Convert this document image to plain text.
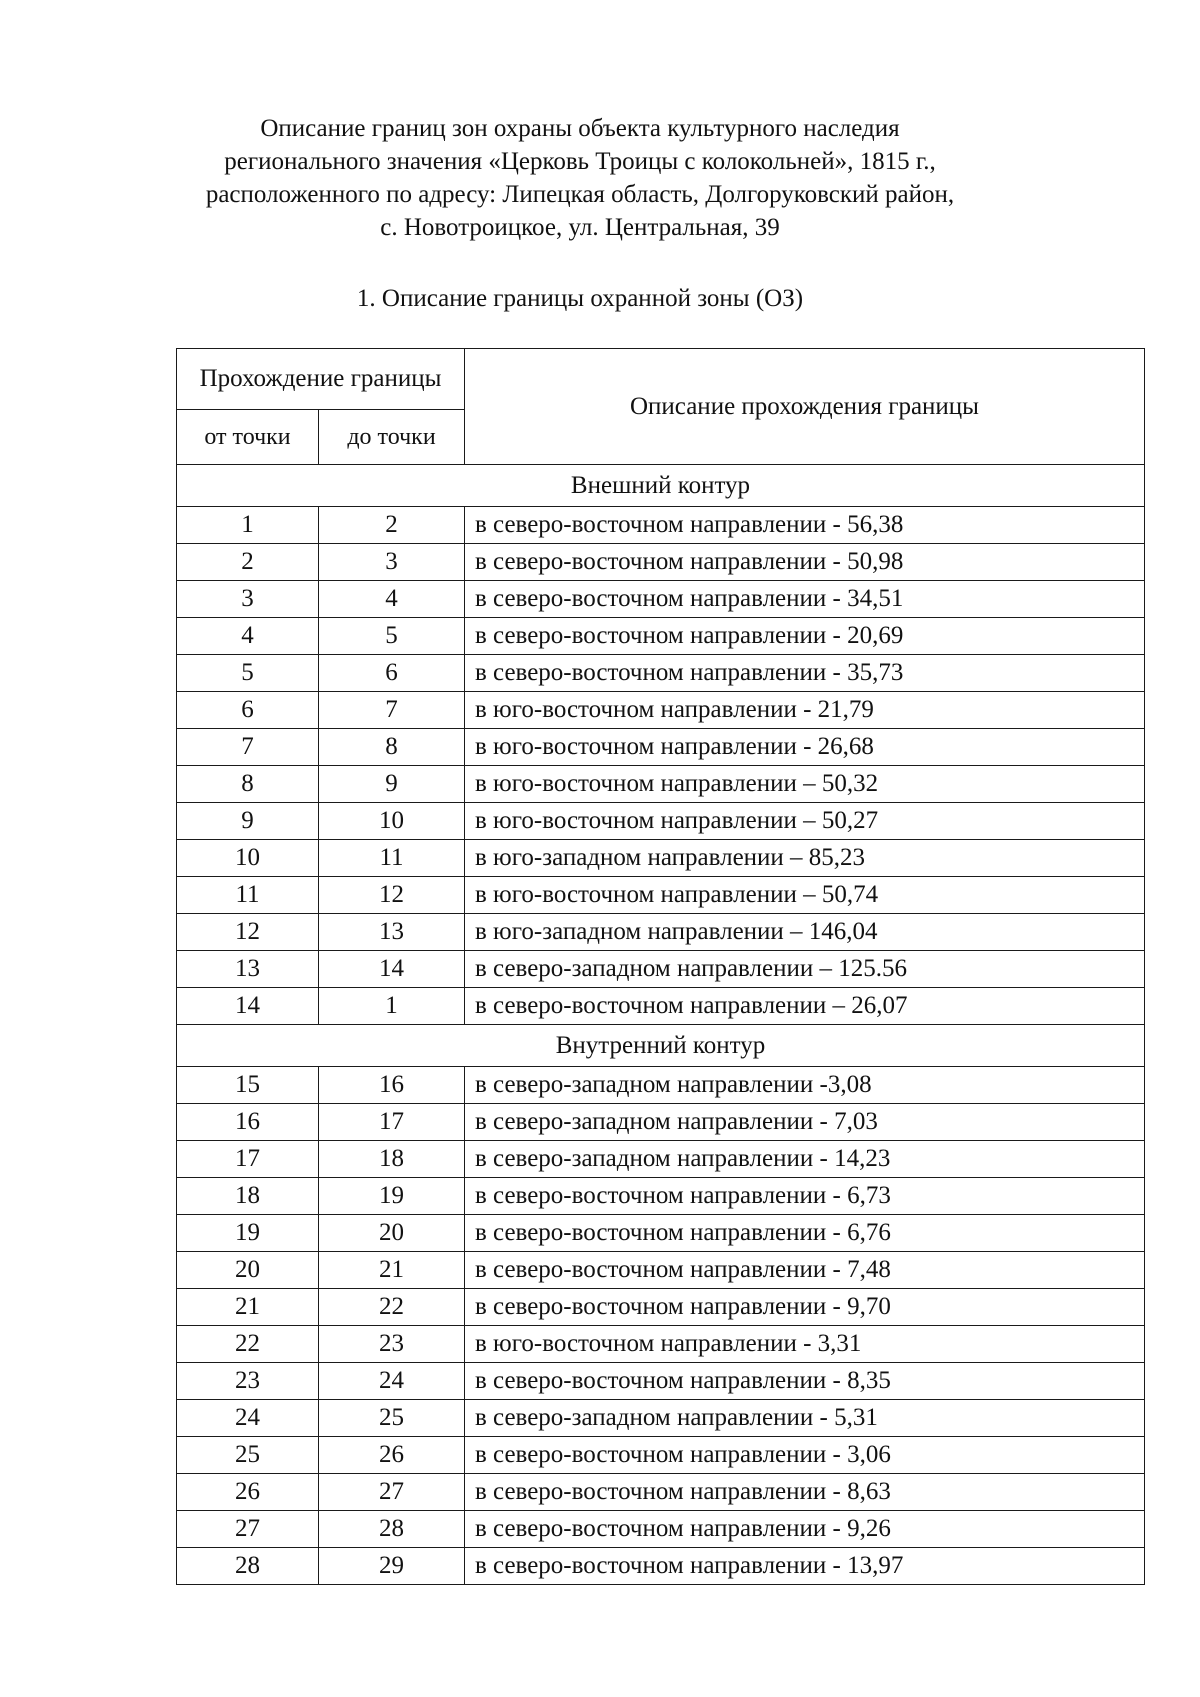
Описание границ зон охраны объекта культурного наследия
регионального значения «Церковь Троицы с колокольней», 1815 г.,
расположенного по адресу: Липецкая область, Долгоруковский район,
с. Новотроицкое, ул. Центральная, 39
1. Описание границы охранной зоны (ОЗ)
Прохождение границы		Описание прохождения границы
от точки	до точки	
Внешний контур		
1	2	в северо-восточном направлении - 56,38
2	3	в северо-восточном направлении - 50,98
3	4	в северо-восточном направлении - 34,51
4	5	в северо-восточном направлении - 20,69
5	6	в северо-восточном направлении - 35,73
6	7	в юго-восточном направлении - 21,79
7	8	в юго-восточном направлении - 26,68
8	9	в юго-восточном направлении – 50,32
9	10	в юго-восточном направлении – 50,27
10	11	в юго-западном направлении – 85,23
11	12	в юго-восточном направлении – 50,74
12	13	в юго-западном направлении – 146,04
13	14	в северо-западном направлении – 125.56
14	1	в северо-восточном направлении – 26,07
Внутренний контур		
15	16	в северо-западном направлении -3,08
16	17	в северо-западном направлении - 7,03
17	18	в северо-западном направлении - 14,23
18	19	в северо-восточном направлении - 6,73
19	20	в северо-восточном направлении - 6,76
20	21	в северо-восточном направлении - 7,48
21	22	в северо-восточном направлении - 9,70
22	23	в юго-восточном направлении - 3,31
23	24	в северо-восточном направлении - 8,35
24	25	в северо-западном направлении - 5,31
25	26	в северо-восточном направлении - 3,06
26	27	в северо-восточном направлении - 8,63
27	28	в северо-восточном направлении - 9,26
28	29	в северо-восточном направлении - 13,97
